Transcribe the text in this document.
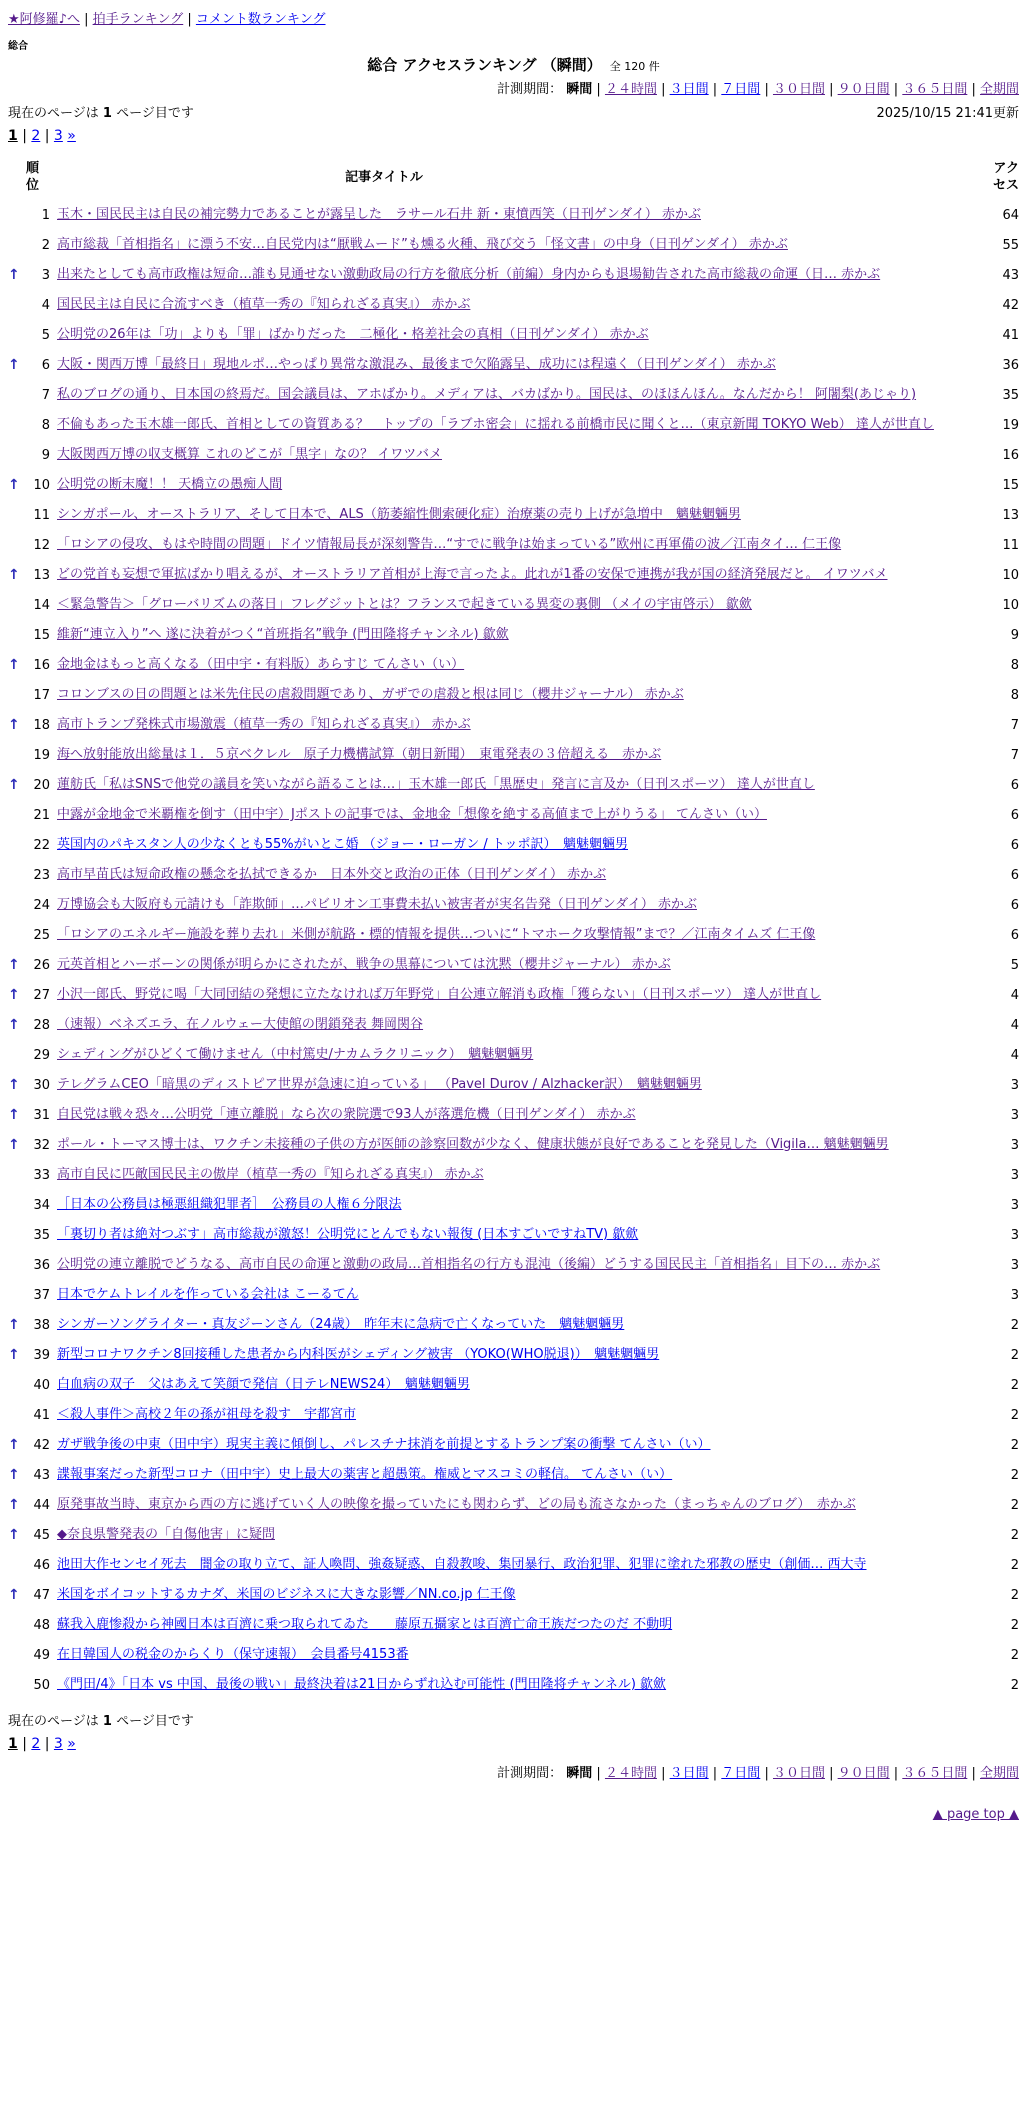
★阿修羅♪へ | 拍手ランキング | コメント数ランキング
総合
総合 アクセスランキング （瞬間） 全 120 件
計測期間： 瞬間 | ２４時間 | ３日間 | ７日間 | ３０日間 | ９０日間 | ３６５日間 | 全期間
現在のページは 1 ページ目です	2025/10/15 21:41更新
1 | 2 | 3 »
順
位		記事タイトル	アク
セス
	1	玉木・国民民主は自民の補完勢力であることが露呈した　ラサール石井 新・東憤西笑（日刊ゲンダイ） 赤かぶ	64
	2	高市総裁「首相指名」に漂う不安…自民党内は“厭戦ムード”も燻る火種、飛び交う「怪文書」の中身（日刊ゲンダイ） 赤かぶ	55
↑	3	出来たとしても高市政権は短命…誰も見通せない激動政局の行方を徹底分析（前編）身内からも退場勧告された高市総裁の命運（日… 赤かぶ	43
	4	国民民主は自民に合流すべき（植草一秀の『知られざる真実』） 赤かぶ	42
	5	公明党の26年は「功」よりも「罪」ばかりだった　二極化・格差社会の真相（日刊ゲンダイ） 赤かぶ	41
↑	6	大阪・関西万博「最終日」現地ルポ…やっぱり異常な激混み、最後まで欠陥露呈、成功には程遠く（日刊ゲンダイ） 赤かぶ	36
	7	私のブログの通り、日本国の終焉だ。国会議員は、アホばかり。メディアは、バカばかり。国民は、のほほんほん。なんだから！ 阿闍梨(あじゃり)	35
	8	不倫もあった玉木雄一郎氏、首相としての資質ある？　トップの「ラブホ密会」に揺れる前橋市民に聞くと…（東京新聞 TOKYO Web） 達人が世直し	19
	9	大阪関西万博の収支概算 これのどこが「黒字」なの？ イワツバメ	16
↑	10	公明党の断末魔！！ 天橋立の愚痴人間	15
	11	シンガポール、オーストラリア、そして日本で、ALS（筋萎縮性側索硬化症）治療薬の売り上げが急増中　魑魅魍魎男	13
	12	「ロシアの侵攻、もはや時間の問題」ドイツ情報局長が深刻警告…“すでに戦争は始まっている”欧州に再軍備の波／江南タイ… 仁王像	11
↑	13	どの党首も妄想で軍拡ばかり唱えるが、オーストラリア首相が上海で言ったよ。此れが1番の安保で連携が我が国の経済発展だと。 イワツバメ	10
	14	＜緊急警告＞「グローバリズムの落日」フレグジットとは？フランスで起きている異変の裏側 （メイの宇宙啓示） 歙歛	10
	15	維新“連立入り”へ 遂に決着がつく“首班指名”戦争 (門田隆将チャンネル) 歙歛	9
↑	16	金地金はもっと高くなる（田中宇・有料版）あらすじ てんさい（い）	8
	17	コロンブスの日の問題とは米先住民の虐殺問題であり、ガザでの虐殺と根は同じ（櫻井ジャーナル） 赤かぶ	8
↑	18	高市トランプ発株式市場激震（植草一秀の『知られざる真実』） 赤かぶ	7
	19	海へ放射能放出総量は１．５京ベクレル　原子力機構試算（朝日新聞）　東電発表の３倍超える　赤かぶ	7
↑	20	蓮舫氏「私はSNSで他党の議員を笑いながら語ることは…」玉木雄一郎氏「黒歴史」発言に言及か（日刊スポーツ） 達人が世直し	6
	21	中露が金地金で米覇権を倒す（田中宇）Jポストの記事では、金地金「想像を絶する高値まで上がりうる」 てんさい（い）	6
	22	英国内のパキスタン人の少なくとも55%がいとこ婚 （ジョー・ローガン / トッポ訳）　魑魅魍魎男	6
	23	高市早苗氏は短命政権の懸念を払拭できるか　日本外交と政治の正体（日刊ゲンダイ） 赤かぶ	6
	24	万博協会も大阪府も元請けも「詐欺師」…パビリオン工事費未払い被害者が実名告発（日刊ゲンダイ） 赤かぶ	6
	25	「ロシアのエネルギー施設を葬り去れ」米側が航路・標的情報を提供…ついに“トマホーク攻撃情報”まで？／江南タイムズ 仁王像	6
↑	26	元英首相とハーボーンの関係が明らかにされたが、戦争の黒幕については沈黙（櫻井ジャーナル） 赤かぶ	5
↑	27	小沢一郎氏、野党に喝「大同団結の発想に立たなければ万年野党」自公連立解消も政権「獲らない」（日刊スポーツ） 達人が世直し	4
↑	28	（速報）ベネズエラ、在ノルウェー大使館の閉鎖発表 舞岡関谷	4
	29	シェディングがひどくて働けません（中村篤史/ナカムラクリニック）　魑魅魍魎男	4
↑	30	テレグラムCEO「暗黒のディストピア世界が急速に迫っている」 （Pavel Durov / Alzhacker訳）　魑魅魍魎男	3
↑	31	自民党は戦々恐々…公明党「連立離脱」なら次の衆院選で93人が落選危機（日刊ゲンダイ） 赤かぶ	3
↑	32	ポール・トーマス博士は、ワクチン未接種の子供の方が医師の診察回数が少なく、健康状態が良好であることを発見した（Vigila… 魑魅魍魎男	3
	33	高市自民に匹敵国民民主の傲岸（植草一秀の『知られざる真実』） 赤かぶ	3
	34	［日本の公務員は極悪組織犯罪者］　公務員の人権６分限法	3
	35	「裏切り者は絶対つぶす」高市総裁が激怒！公明党にとんでもない報復 (日本すごいですねTV) 歙歛	3
	36	公明党の連立離脱でどうなる、高市自民の命運と激動の政局…首相指名の行方も混沌（後編）どうする国民民主「首相指名」目下の… 赤かぶ	3
	37	日本でケムトレイルを作っている会社は こーるてん	3
↑	38	シンガーソングライター・真友ジーンさん（24歳）　昨年末に急病で亡くなっていた　魑魅魍魎男	2
↑	39	新型コロナワクチン8回接種した患者から内科医がシェディング被害 （YOKO(WHO脱退)）　魑魅魍魎男	2
	40	白血病の双子　父はあえて笑顔で発信（日テレNEWS24）　魑魅魍魎男	2
	41	＜殺人事件＞高校２年の孫が祖母を殺す　宇都宮市	2
↑	42	ガザ戦争後の中東（田中宇）現実主義に傾倒し、パレスチナ抹消を前提とするトランプ案の衝撃 てんさい（い）	2
↑	43	諜報事案だった新型コロナ（田中宇）史上最大の薬害と超愚策。権威とマスコミの軽信。 てんさい（い）	2
↑	44	原発事故当時、東京から西の方に逃げていく人の映像を撮っていたにも関わらず、どの局も流さなかった（まっちゃんのブログ）　赤かぶ	2
↑	45	◆奈良県警発表の「自傷他害」に疑問	2
	46	池田大作センセイ死去　闇金の取り立て、証人喚問、強姦疑惑、自殺教唆、集団暴行、政治犯罪、犯罪に塗れた邪教の歴史（創価… 西大寺	2
↑	47	米国をボイコットするカナダ、米国のビジネスに大きな影響／NN.co.jp 仁王像	2
	48	蘇我入鹿惨殺から神國日本は百濟に乗つ取られてゐた　　藤原五攝家とは百濟亡命王族だつたのだ 不動明	2
	49	在日韓国人の税金のからくり（保守速報）　会員番号4153番	2
	50	《門田/4》「日本 vs 中国、最後の戦い」最終決着は21日からずれ込む可能性 (門田隆将チャンネル) 歙歛	2
現在のページは 1 ページ目です
1 | 2 | 3 »
計測期間： 瞬間 | ２４時間 | ３日間 | ７日間 | ３０日間 | ９０日間 | ３６５日間 | 全期間
▲ page top ▲
